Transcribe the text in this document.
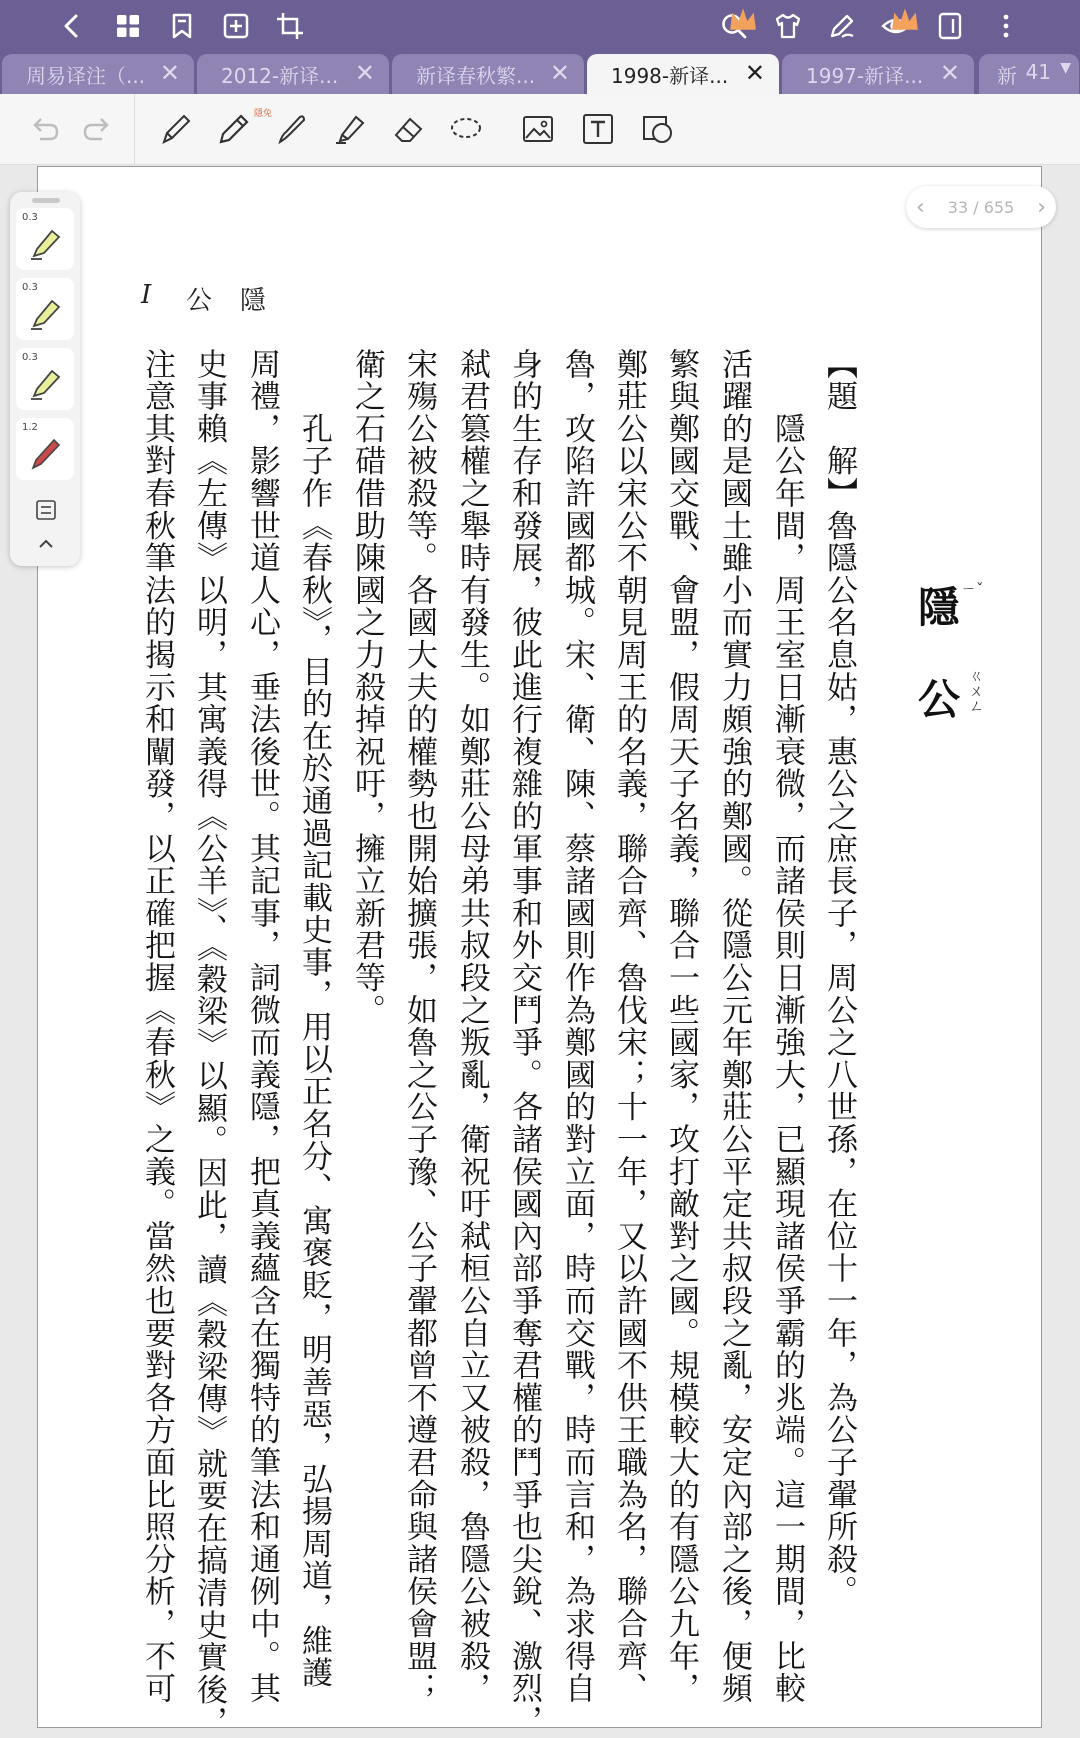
周易译注（... ✕ 2012-新译... ✕ 新译春秋繁... ✕ 1998-新译... ✕ 1997-新译... ✕ 新 41 ▼
隱免
‹ 33 / 655 ›
I 公 隱
隱 ㄧˇ
公 ㄍㄨㄥ
【題　解】魯隱公名息姑，惠公之庶長子，周公之八世孫，在位十一年，為公子翬所殺。
　　隱公年間，周王室日漸衰微，而諸侯則日漸強大，已顯現諸侯爭霸的兆端。這一期間，比較
活躍的是國土雖小而實力頗強的鄭國。從隱公元年鄭莊公平定共叔段之亂，安定內部之後，便頻
繁與鄭國交戰、會盟，假周天子名義，聯合一些國家，攻打敵對之國。規模較大的有隱公九年，
鄭莊公以宋公不朝見周王的名義，聯合齊、魯伐宋；十一年，又以許國不供王職為名，聯合齊、
魯，攻陷許國都城。宋、衛、陳、蔡諸國則作為鄭國的對立面，時而交戰，時而言和，為求得自
身的生存和發展，彼此進行複雜的軍事和外交鬥爭。各諸侯國內部爭奪君權的鬥爭也尖銳、激烈，
弒君篡權之舉時有發生。如鄭莊公母弟共叔段之叛亂，衛祝吁弒桓公自立又被殺，魯隱公被殺，
宋殤公被殺等。各國大夫的權勢也開始擴張，如魯之公子豫、公子翬都曾不遵君命與諸侯會盟；
衛之石碏借助陳國之力殺掉祝吁，擁立新君等。
　　孔子作《春秋》，目的在於通過記載史事，用以正名分、寓褒貶，明善惡，弘揚周道，維護
周禮，影響世道人心，垂法後世。其記事，詞微而義隱，把真義蘊含在獨特的筆法和通例中。其
史事賴《左傳》以明，其寓義得《公羊》、《穀梁》以顯。因此，讀《穀梁傳》就要在搞清史實後，
注意其對春秋筆法的揭示和闡發，以正確把握《春秋》之義。當然也要對各方面比照分析，不可
0.3
0.3
0.3
1.2
